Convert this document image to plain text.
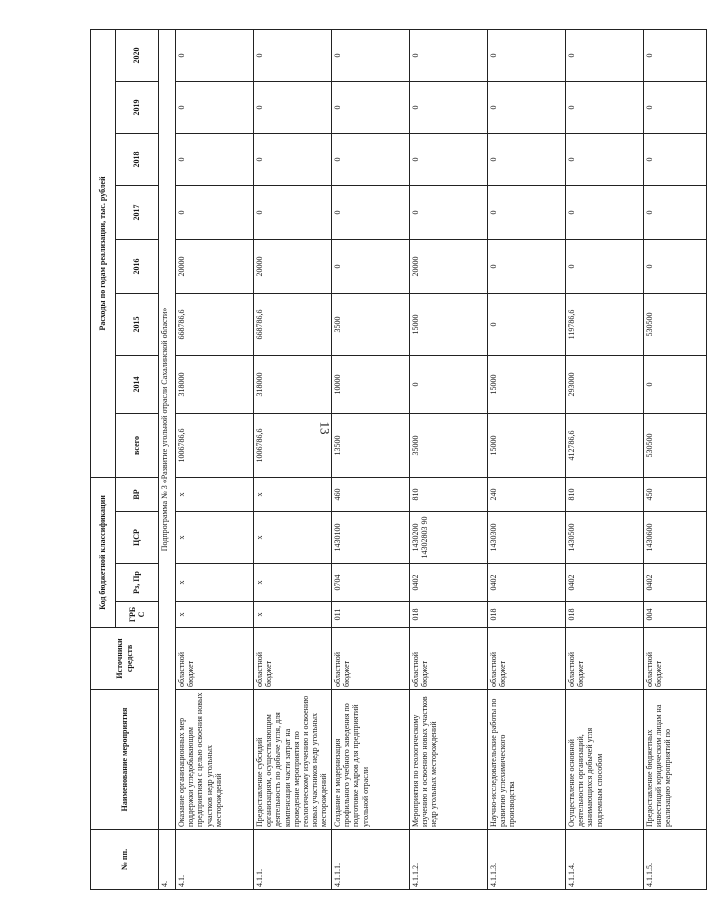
13
№ пп.	Наименование мероприятия	Источники средств	Код бюджетной классификации				Расходы по годам реализации, тыс. рублей							
			ГРБ С	Рз, Пр	ЦСР	ВР	всего	2014	2015	2016	2017	2018	2019	2020
4.	Подпрограмма № 3 «Развитие угольной отрасли Сахалинской области»													
4.1.	Оказание организационных мер поддержки угледобывающим предприятиям с целью освоения новых участков недр угольных месторождений	областной бюджет	x	x	x	x	1006786,6	318000	668786,6	20000	0	0	0	0
4.1.1.	Предоставление субсидий организациям, осуществляющим деятельность по добыче угля, для компенсации части затрат на проведение мероприятия по геологическому изучению и освоению новых участников недр угольных месторождений	областной бюджет	x	x	x	x	1006786,6	318000	668786,6	20000	0	0	0	0
4.1.1.1.	Создание и модернизация профильного учебного заведения по подготовке кадров для предприятий угольной отрасли	областной бюджет	011	0704	1430100	460	13500	10000	3500	0	0	0	0	0
4.1.1.2.	Мероприятия по геологическому изучению и освоению новых участков недр угольных месторождений	областной бюджет	018	0402	1430200 14302803 90	810	35000	0	15000	20000	0	0	0	0
4.1.1.3.	Научно-исследовательские работы по развитию углехимического производства	областной бюджет	018	0402	1430300	240	15000	15000	0	0	0	0	0	0
4.1.1.4.	Осуществление основной деятельности организаций, занимающихся добычей угля подземным способом	областной бюджет	018	0402	1430500	810	412786,6	293000	119786,6	0	0	0	0	0
4.1.1.5.	Предоставление бюджетных инвестиций юридическим лицам на реализацию мероприятий по	областной бюджет	004	0402	1430600	450	530500	0	530500	0	0	0	0	0
